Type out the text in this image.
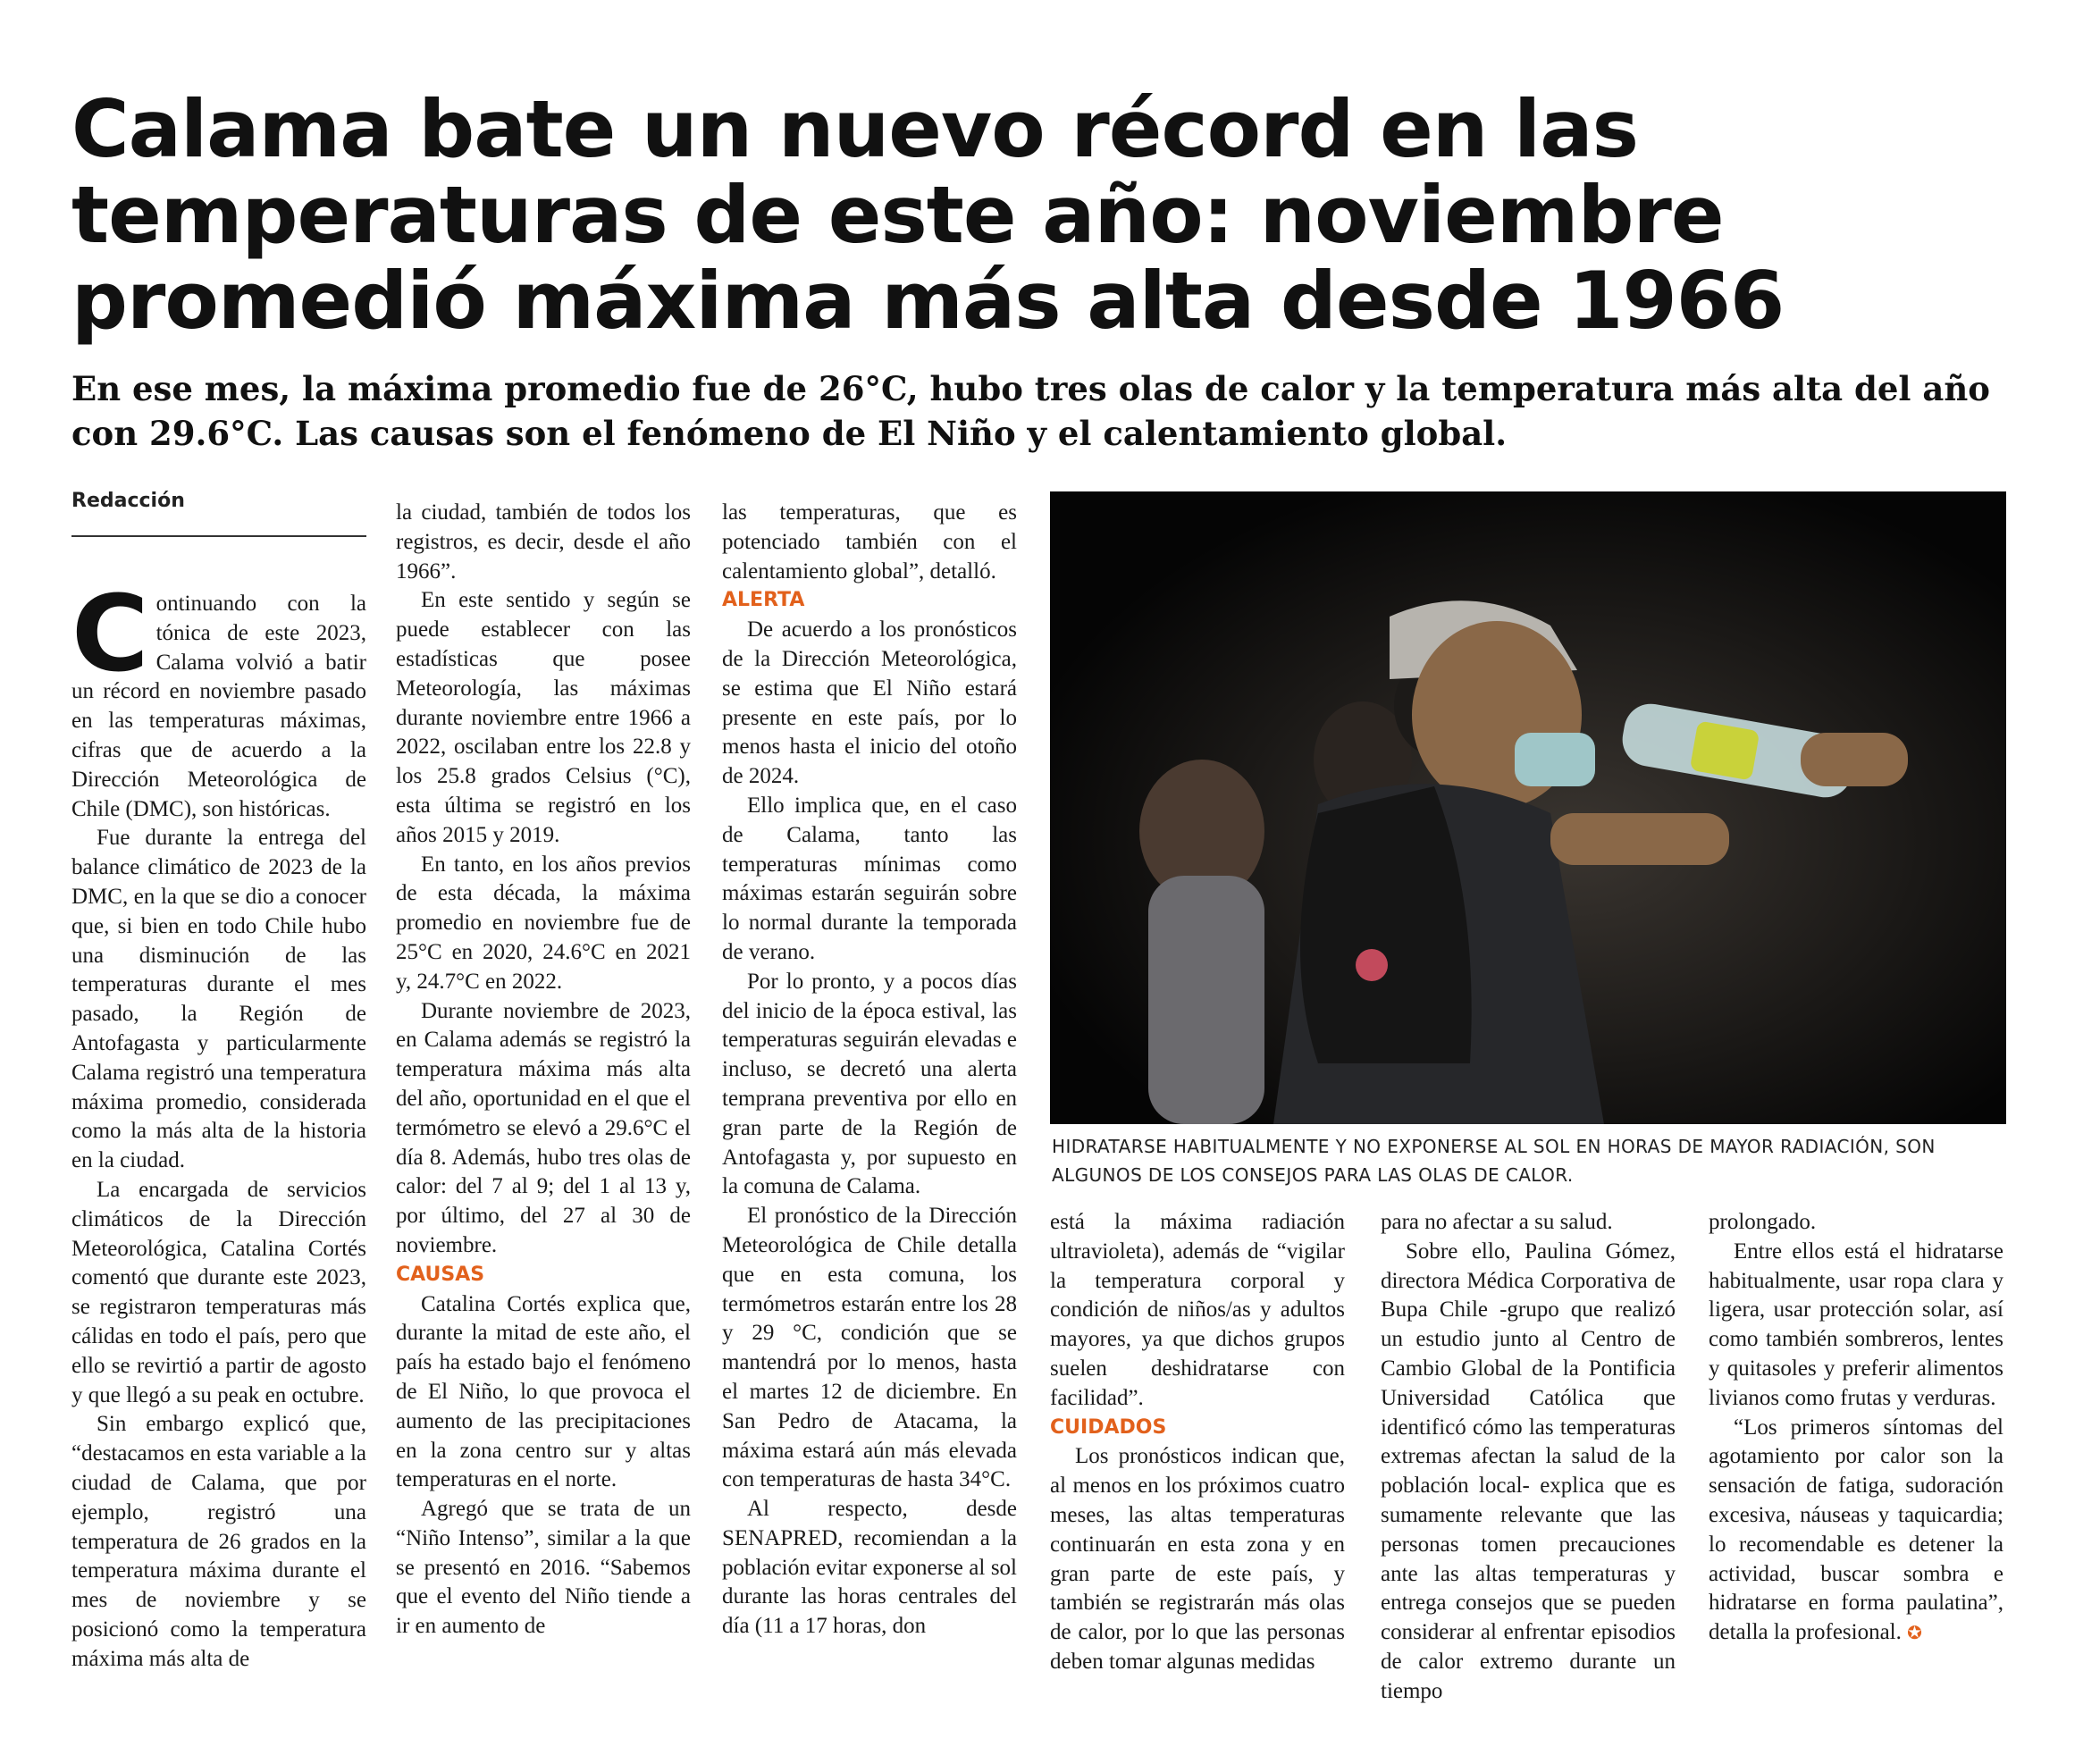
Calama bate un nuevo récord en las temperaturas de este año: noviembre promedió máxima más alta desde 1966
En ese mes, la máxima promedio fue de 26°C, hubo tres olas de calor y la temperatura más alta del año con 29.6°C. Las causas son el fenómeno de El Niño y el calentamiento global.
Redacción

Continuando con la tónica de este 2023, Calama volvió a batir un récord en noviembre pasado en las temperaturas máximas, cifras que de acuerdo a la Dirección Meteorológica de Chile (DMC), son históricas.

Fue durante la entrega del balance climático de 2023 de la DMC, en la que se dio a conocer que, si bien en todo Chile hubo una disminución de las temperaturas durante el mes pasado, la Región de Antofagasta y particularmente Calama registró una temperatura máxima promedio, considerada como la más alta de la historia en la ciudad.

La encargada de servicios climáticos de la Dirección Meteorológica, Catalina Cortés comentó que durante este 2023, se registraron temperaturas más cálidas en todo el país, pero que ello se revirtió a partir de agosto y que llegó a su peak en octubre.

Sin embargo explicó que, “destacamos en esta variable a la ciudad de Calama, que por ejemplo, registró una temperatura de 26 grados en la temperatura máxima durante el mes de noviembre y se posicionó como la temperatura máxima más alta de

la ciudad, también de todos los registros, es decir, desde el año 1966”.

En este sentido y según se puede establecer con las estadísticas que posee Meteorología, las máximas durante noviembre entre 1966 a 2022, oscilaban entre los 22.8 y los 25.8 grados Celsius (°C), esta última se registró en los años 2015 y 2019.

En tanto, en los años previos de esta década, la máxima promedio en noviembre fue de 25°C en 2020, 24.6°C en 2021 y, 24.7°C en 2022.

Durante noviembre de 2023, en Calama además se registró la temperatura máxima más alta del año, oportunidad en el que el termómetro se elevó a 29.6°C el día 8. Además, hubo tres olas de calor: del 7 al 9; del 1 al 13 y, por último, del 27 al 30 de noviembre.

CAUSAS

Catalina Cortés explica que, durante la mitad de este año, el país ha estado bajo el fenómeno de El Niño, lo que provoca el aumento de las precipitaciones en la zona centro sur y altas temperaturas en el norte.

Agregó que se trata de un “Niño Intenso”, similar a la que se presentó en 2016. “Sabemos que el evento del Niño tiende a ir en aumento de

las temperaturas, que es potenciado también con el calentamiento global”, detalló.

ALERTA

De acuerdo a los pronósticos de la Dirección Meteorológica, se estima que El Niño estará presente en este país, por lo menos hasta el inicio del otoño de 2024.

Ello implica que, en el caso de Calama, tanto las temperaturas mínimas como máximas estarán seguirán sobre lo normal durante la temporada de verano.

Por lo pronto, y a pocos días del inicio de la época estival, las temperaturas seguirán elevadas e incluso, se decretó una alerta temprana preventiva por ello en gran parte de la Región de Antofagasta y, por supuesto en la comuna de Calama.

El pronóstico de la Dirección Meteorológica de Chile detalla que en esta comuna, los termómetros estarán entre los 28 y 29 °C, condición que se mantendrá por lo menos, hasta el martes 12 de diciembre. En San Pedro de Atacama, la máxima estará aún más elevada con temperaturas de hasta 34°C.

Al respecto, desde SENAPRED, recomiendan a la población evitar exponerse al sol durante las horas centrales del día (11 a 17 horas, don

HIDRATARSE HABITUALMENTE Y NO EXPONERSE AL SOL EN HORAS DE MAYOR RADIACIÓN, SON ALGUNOS DE LOS CONSEJOS PARA LAS OLAS DE CALOR.

está la máxima radiación ultravioleta), además de “vigilar la temperatura corporal y condición de niños/as y adultos mayores, ya que dichos grupos suelen deshidratarse con facilidad”.

CUIDADOS

Los pronósticos indican que, al menos en los próximos cuatro meses, las altas temperaturas continuarán en esta zona y en gran parte de este país, y también se registrarán más olas de calor, por lo que las personas deben tomar algunas medidas

para no afectar a su salud.

Sobre ello, Paulina Gómez, directora Médica Corporativa de Bupa Chile -grupo que realizó un estudio junto al Centro de Cambio Global de la Pontificia Universidad Católica que identificó cómo las temperaturas extremas afectan la salud de la población local- explica que es sumamente relevante que las personas tomen precauciones ante las altas temperaturas y entrega consejos que se pueden considerar al enfrentar episodios de calor extremo durante un tiempo

prolongado.

Entre ellos está el hidratarse habitualmente, usar ropa clara y ligera, usar protección solar, así como también sombreros, lentes y quitasoles y preferir alimentos livianos como frutas y verduras.

“Los primeros síntomas del agotamiento por calor son la sensación de fatiga, sudoración excesiva, náuseas y taquicardia; lo recomendable es detener la actividad, buscar sombra e hidratarse en forma paulatina”, detalla la profesional. ✪
